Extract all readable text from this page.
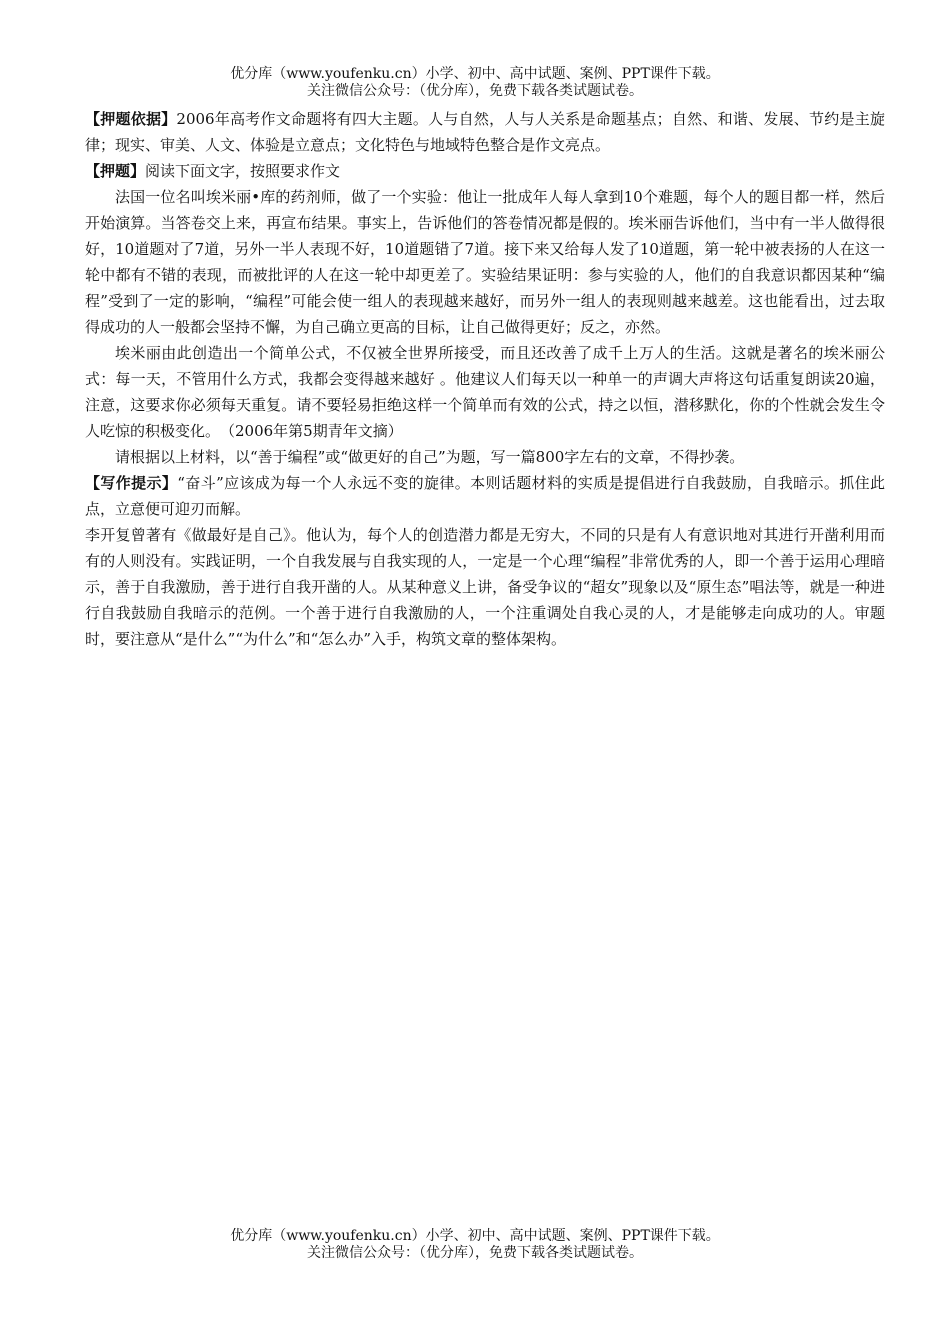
优分库（www.youfenku.cn）小学、初中、高中试题、案例、PPT课件下载。
关注微信公众号：（优分库），免费下载各类试题试卷。

【押题依据】2006年高考作文命题将有四大主题。人与自然，人与人关系是命题基点；自然、和谐、发展、节约是主旋律；现实、审美、人文、体验是立意点；文化特色与地域特色整合是作文亮点。

【押题】阅读下面文字，按照要求作文

法国一位名叫埃米丽•库的药剂师，做了一个实验：他让一批成年人每人拿到10个难题，每个人的题目都一样，然后开始演算。当答卷交上来，再宣布结果。事实上，告诉他们的答卷情况都是假的。埃米丽告诉他们，当中有一半人做得很好，10道题对了7道，另外一半人表现不好，10道题错了7道。接下来又给每人发了10道题，第一轮中被表扬的人在这一轮中都有不错的表现，而被批评的人在这一轮中却更差了。实验结果证明：参与实验的人，他们的自我意识都因某种“编程”受到了一定的影响，“编程”可能会使一组人的表现越来越好，而另外一组人的表现则越来越差。这也能看出，过去取得成功的人一般都会坚持不懈，为自己确立更高的目标，让自己做得更好；反之，亦然。

埃米丽由此创造出一个简单公式，不仅被全世界所接受，而且还改善了成千上万人的生活。这就是著名的埃米丽公式：每一天，不管用什么方式，我都会变得越来越好 。他建议人们每天以一种单一的声调大声将这句话重复朗读20遍，注意，这要求你必须每天重复。请不要轻易拒绝这样一个简单而有效的公式，持之以恒，潜移默化，你的个性就会发生令人吃惊的积极变化。　（2006年第5期青年文摘）

请根据以上材料，以“善于编程”或“做更好的自己”为题，写一篇800字左右的文章，不得抄袭。

【写作提示】“奋斗”应该成为每一个人永远不变的旋律。本则话题材料的实质是提倡进行自我鼓励，自我暗示。抓住此点，立意便可迎刃而解。

李开复曾著有《做最好是自己》。他认为，每个人的创造潜力都是无穷大，不同的只是有人有意识地对其进行开凿利用而有的人则没有。实践证明，一个自我发展与自我实现的人，一定是一个心理“编程”非常优秀的人，即一个善于运用心理暗示，善于自我激励，善于进行自我开凿的人。从某种意义上讲，备受争议的“超女”现象以及“原生态”唱法等，就是一种进行自我鼓励自我暗示的范例。一个善于进行自我激励的人，一个注重调处自我心灵的人，才是能够走向成功的人。审题时，要注意从“是什么”“为什么”和“怎么办”入手，构筑文章的整体架构。

优分库（www.youfenku.cn）小学、初中、高中试题、案例、PPT课件下载。
关注微信公众号：（优分库），免费下载各类试题试卷。
